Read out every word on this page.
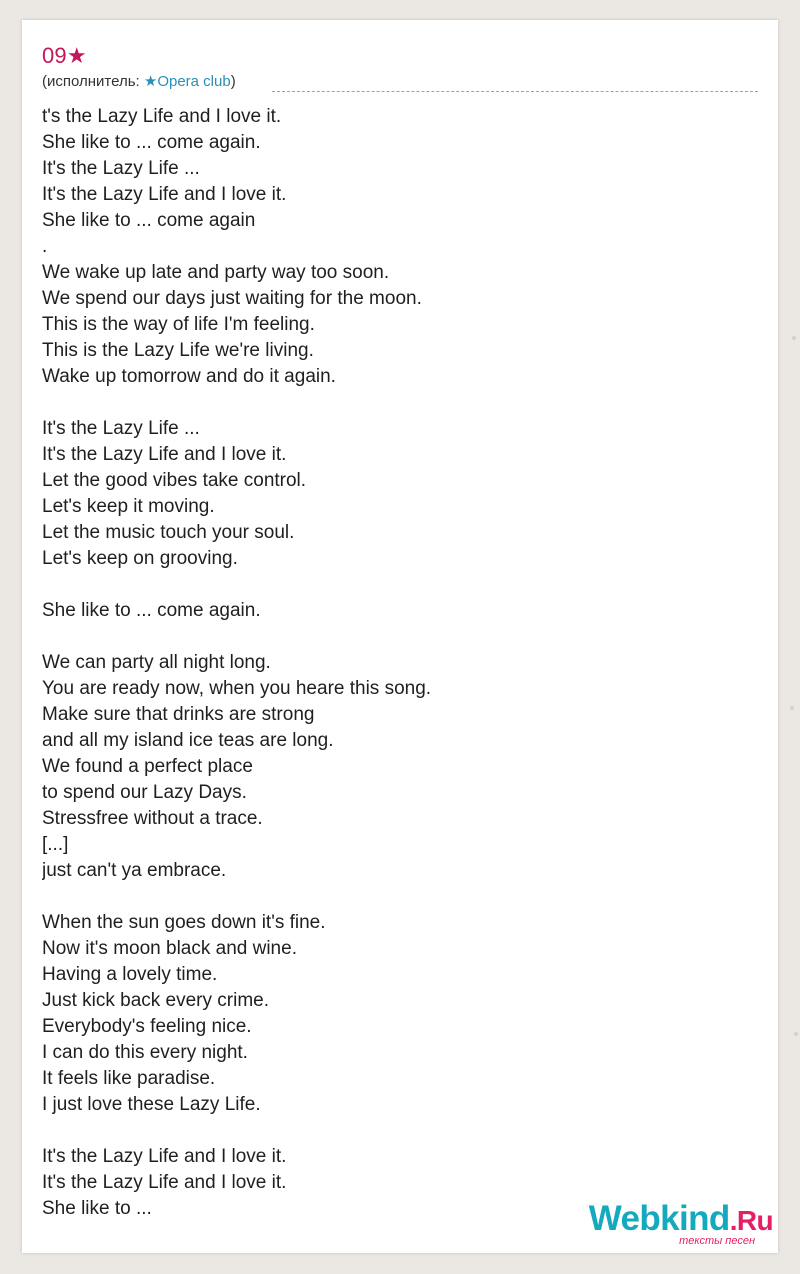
09★
(исполнитель: ★Opera club)
t's the Lazy Life and I love it.
She like to ... come again.
It's the Lazy Life ...
It's the Lazy Life and I love it.
She like to ... come again
.
We wake up late and party way too soon.
We spend our days just waiting for the moon.
This is the way of life I'm feeling.
This is the Lazy Life we're living.
Wake up tomorrow and do it again.

It's the Lazy Life ...
It's the Lazy Life and I love it.
Let the good vibes take control.
Let's keep it moving.
Let the music touch your soul.
Let's keep on grooving.

She like to ... come again.

We can party all night long.
You are ready now, when you heare this song.
Make sure that drinks are strong
and all my island ice teas are long.
We found a perfect place
to spend our Lazy Days.
Stressfree without a trace.
[...]
just can't ya embrace.

When the sun goes down it's fine.
Now it's moon black and wine.
Having a lovely time.
Just kick back every crime.
Everybody's feeling nice.
I can do this every night.
It feels like paradise.
I just love these Lazy Life.

It's the Lazy Life and I love it.
It's the Lazy Life and I love it.
She like to ...	Webkind.Ru
тексты песен
